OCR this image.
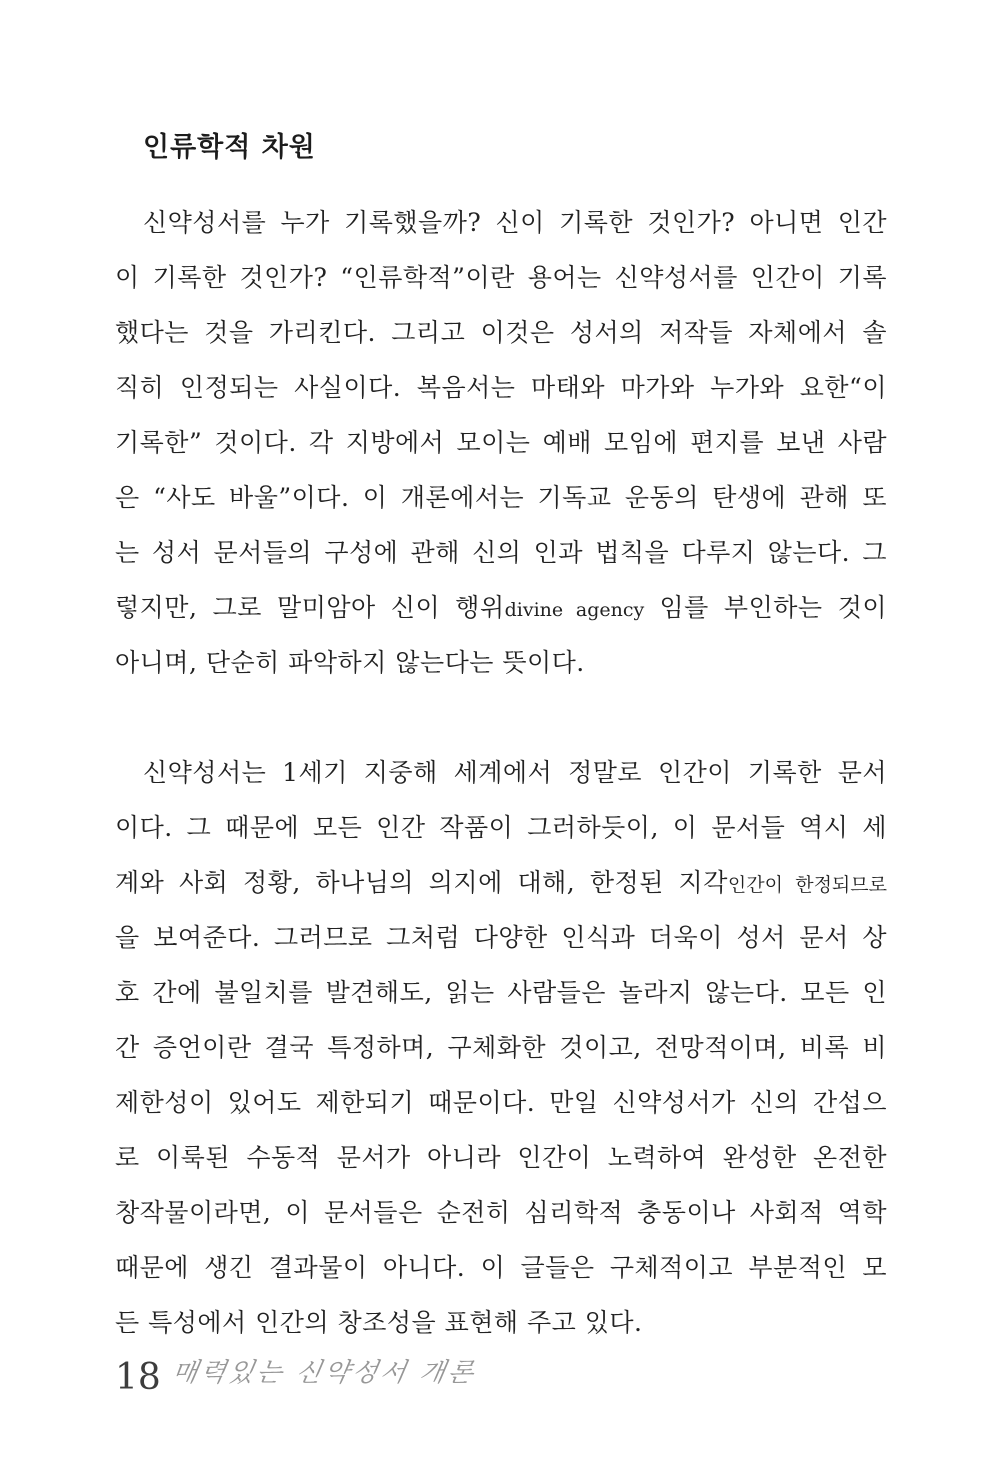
인류학적 차원
신약성서를 누가 기록했을까? 신이 기록한 것인가? 아니면 인간
이 기록한 것인가? “인류학적”이란 용어는 신약성서를 인간이 기록
했다는 것을 가리킨다. 그리고 이것은 성서의 저작들 자체에서 솔
직히 인정되는 사실이다. 복음서는 마태와 마가와 누가와 요한“이
기록한” 것이다. 각 지방에서 모이는 예배 모임에 편지를 보낸 사람
은 “사도 바울”이다. 이 개론에서는 기독교 운동의 탄생에 관해 또
는 성서 문서들의 구성에 관해 신의 인과 법칙을 다루지 않는다. 그
렇지만, 그로 말미암아 신이 행위divine agency 임를 부인하는 것이
아니며, 단순히 파악하지 않는다는 뜻이다.
신약성서는 1세기 지중해 세계에서 정말로 인간이 기록한 문서
이다. 그 때문에 모든 인간 작품이 그러하듯이, 이 문서들 역시 세
계와 사회 정황, 하나님의 의지에 대해, 한정된 지각인간이 한정되므로
을 보여준다. 그러므로 그처럼 다양한 인식과 더욱이 성서 문서 상
호 간에 불일치를 발견해도, 읽는 사람들은 놀라지 않는다. 모든 인
간 증언이란 결국 특정하며, 구체화한 것이고, 전망적이며, 비록 비
제한성이 있어도 제한되기 때문이다. 만일 신약성서가 신의 간섭으
로 이룩된 수동적 문서가 아니라 인간이 노력하여 완성한 온전한
창작물이라면, 이 문서들은 순전히 심리학적 충동이나 사회적 역학
때문에 생긴 결과물이 아니다. 이 글들은 구체적이고 부분적인 모
든 특성에서 인간의 창조성을 표현해 주고 있다.
18 매력있는 신약성서 개론
